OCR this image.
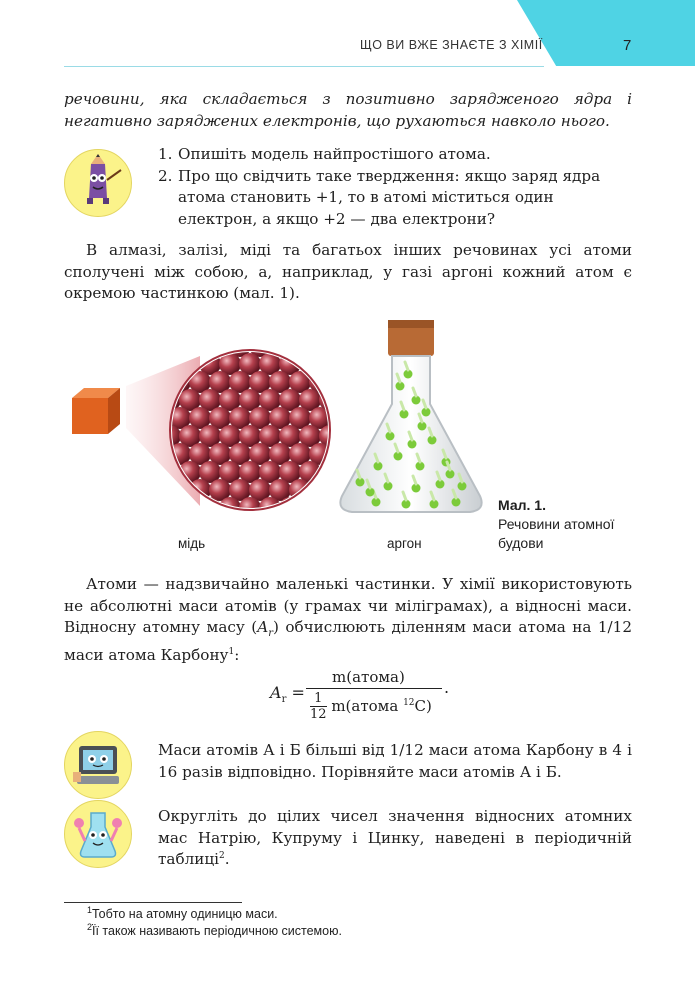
ЩО ВИ ВЖЕ ЗНАЄТЕ З ХІМІЇ	7
речовини, яка складається з позитивно зарядженого ядра і негативно заряджених електронів, що рухаються навколо нього.
1. Опишіть модель найпростішого атома.
2. Про що свідчить таке твердження: якщо заряд ядра атома становить +1, то в атомі міститься один електрон, а якщо +2 — два електрони?
В алмазі, залізі, міді та багатьох інших речовинах усі атоми сполучені між собою, а, наприклад, у газі аргоні кожний атом є окремою частинкою (мал. 1).
мідь	аргон
Мал. 1.
Речовини атомної будови
Атоми — надзвичайно маленькі частинки. У хімії використовують не абсолютні маси атомів (у грамах чи міліграмах), а відносні маси. Відносну атомну масу $(A_r)$ обчислюють діленням маси атома на 1/12 маси атома Карбону$^1$:
$A_r$ =
m(атома)
$\frac{1}{12}$ m(атома $^{12}$C)
.
Маси атомів А і Б більші від 1/12 маси атома Карбону в 4 і 16 разів відповідно. Порівняйте маси атомів А і Б.
Округліть до цілих чисел значення відносних атомних мас Натрію, Купруму і Цинку, наведені в періодичній таблиці$^2$.
$^1$Тобто на атомну одиницю маси.
$^2$Її також називають періодичною системою.
